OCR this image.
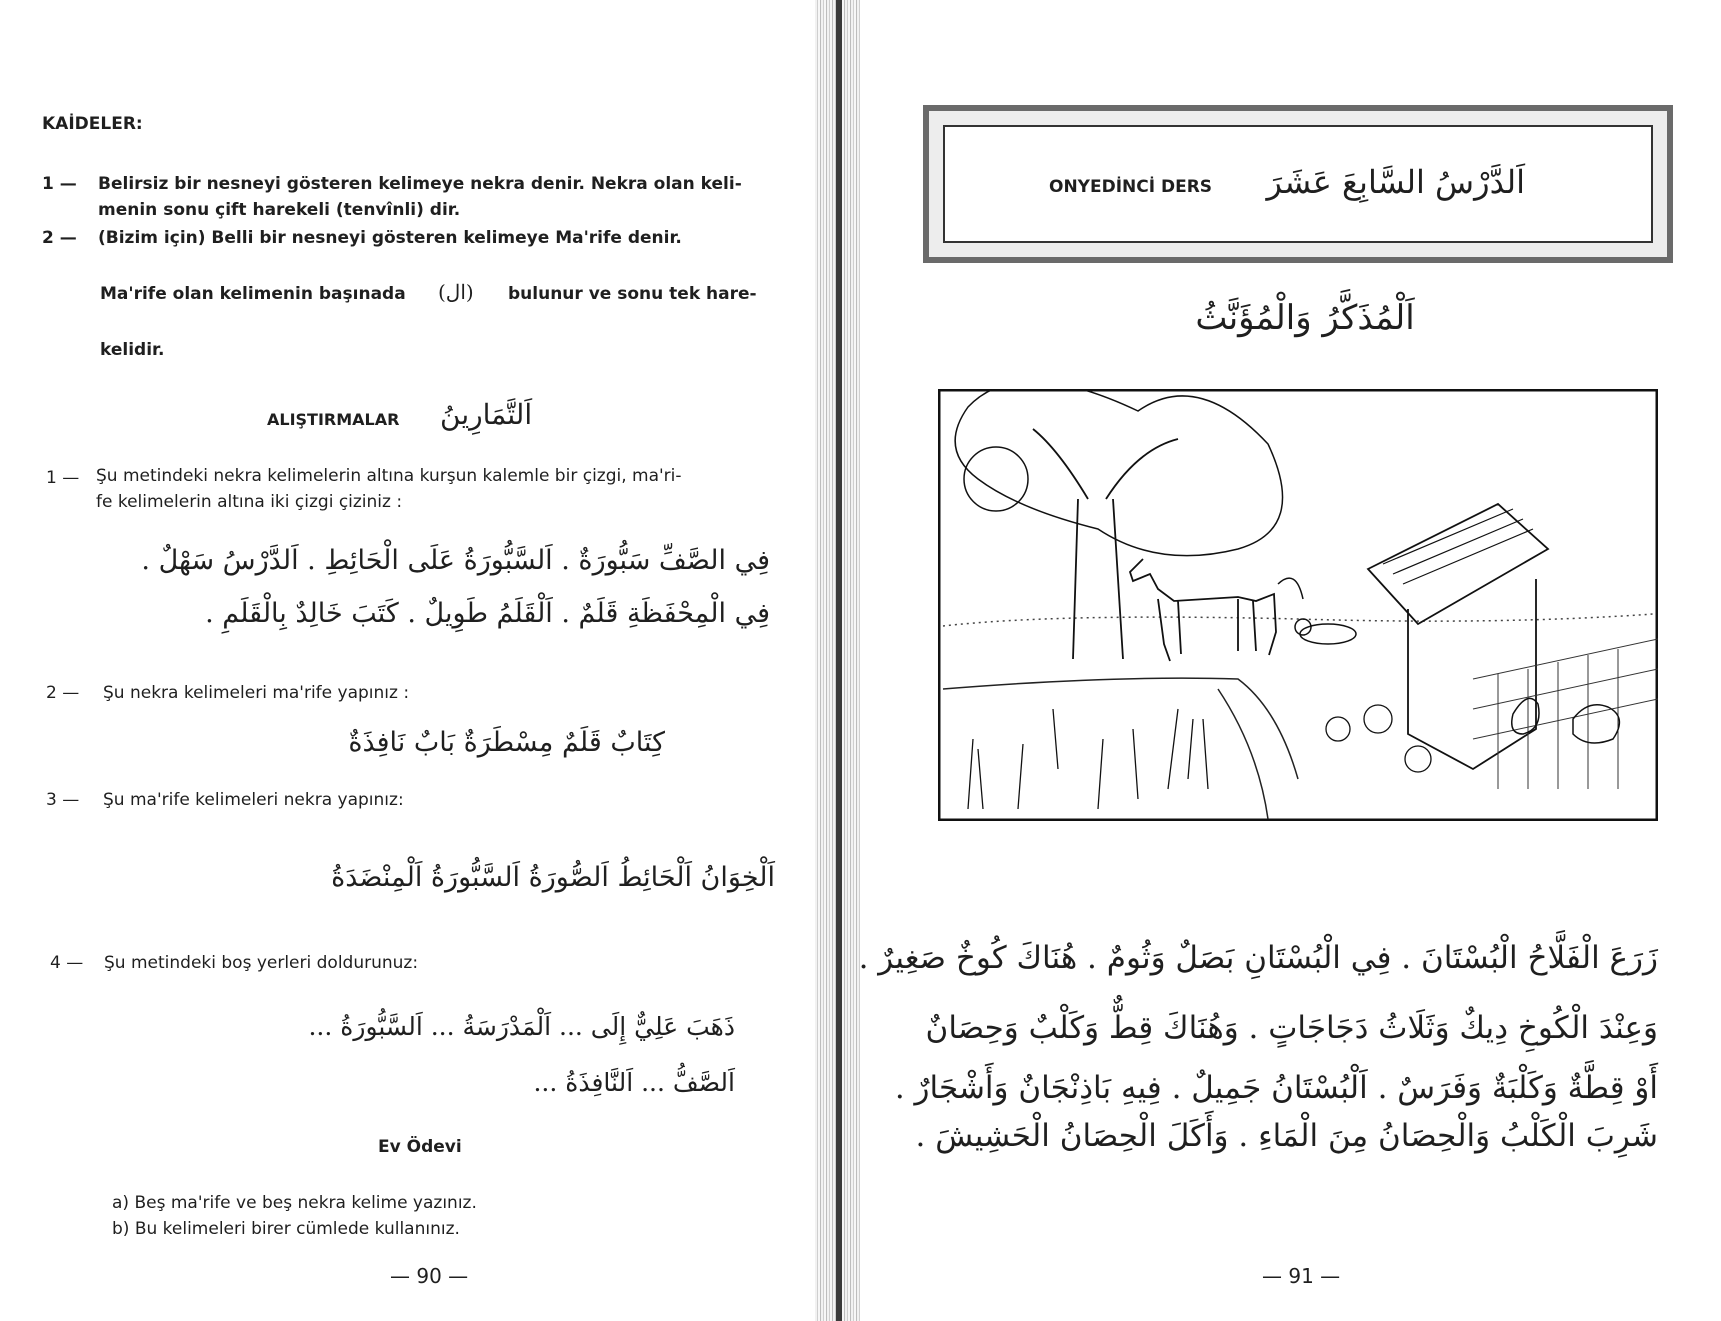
KAİDELER:
1 — Belirsiz bir nesneyi gösteren kelimeye nekra denir. Nekra olan keli-
menin sonu çift harekeli (tenvînli) dir.
2 — (Bizim için) Belli bir nesneyi gösteren kelimeye Ma'rife denir.
Ma'rife olan kelimenin başınada (ال) bulunur ve sonu tek hare-
kelidir.
ALIŞTIRMALAR اَلتَّمَارِينُ
1 — Şu metindeki nekra kelimelerin altına kurşun kalemle bir çizgi, ma'ri-
fe kelimelerin altına iki çizgi çiziniz :
فِي الصَّفِّ سَبُّورَةٌ . اَلسَّبُّورَةُ عَلَى الْحَائِطِ . اَلدَّرْسُ سَهْلٌ .
فِي الْمِحْفَظَةِ قَلَمٌ . اَلْقَلَمُ طَوِيلٌ . كَتَبَ خَالِدٌ بِالْقَلَمِ .
2 — Şu nekra kelimeleri ma'rife yapınız :
كِتَابٌ قَلَمٌ مِسْطَرَةٌ بَابٌ نَافِذَةٌ
3 — Şu ma'rife kelimeleri nekra yapınız:
اَلْخِوَانُ اَلْحَائِطُ اَلصُّورَةُ اَلسَّبُّورَةُ اَلْمِنْضَدَةُ
4 — Şu metindeki boş yerleri doldurunuz:
ذَهَبَ عَلِيٌّ إِلَى ... اَلْمَدْرَسَةُ ... اَلسَّبُّورَةُ ...
اَلصَّفُّ ... اَلنَّافِذَةُ ...
Ev Ödevi
a) Beş ma'rife ve beş nekra kelime yazınız.
b) Bu kelimeleri birer cümlede kullanınız.
— 90 —
ONYEDİNCİ DERS اَلدَّرْسُ السَّابِعَ عَشَرَ
اَلْمُذَكَّرُ وَالْمُؤَنَّثُ
زَرَعَ الْفَلَّاحُ الْبُسْتَانَ . فِي الْبُسْتَانِ بَصَلٌ وَثُومٌ . هُنَاكَ كُوخٌ صَغِيرٌ .
وَعِنْدَ الْكُوخِ دِيكٌ وَثَلَاثُ دَجَاجَاتٍ . وَهُنَاكَ قِطٌّ وَكَلْبٌ وَحِصَانٌ
أَوْ قِطَّةٌ وَكَلْبَةٌ وَفَرَسٌ . اَلْبُسْتَانُ جَمِيلٌ . فِيهِ بَاذِنْجَانٌ وَأَشْجَارٌ .
شَرِبَ الْكَلْبُ وَالْحِصَانُ مِنَ الْمَاءِ . وَأَكَلَ الْحِصَانُ الْحَشِيشَ .
— 91 —
